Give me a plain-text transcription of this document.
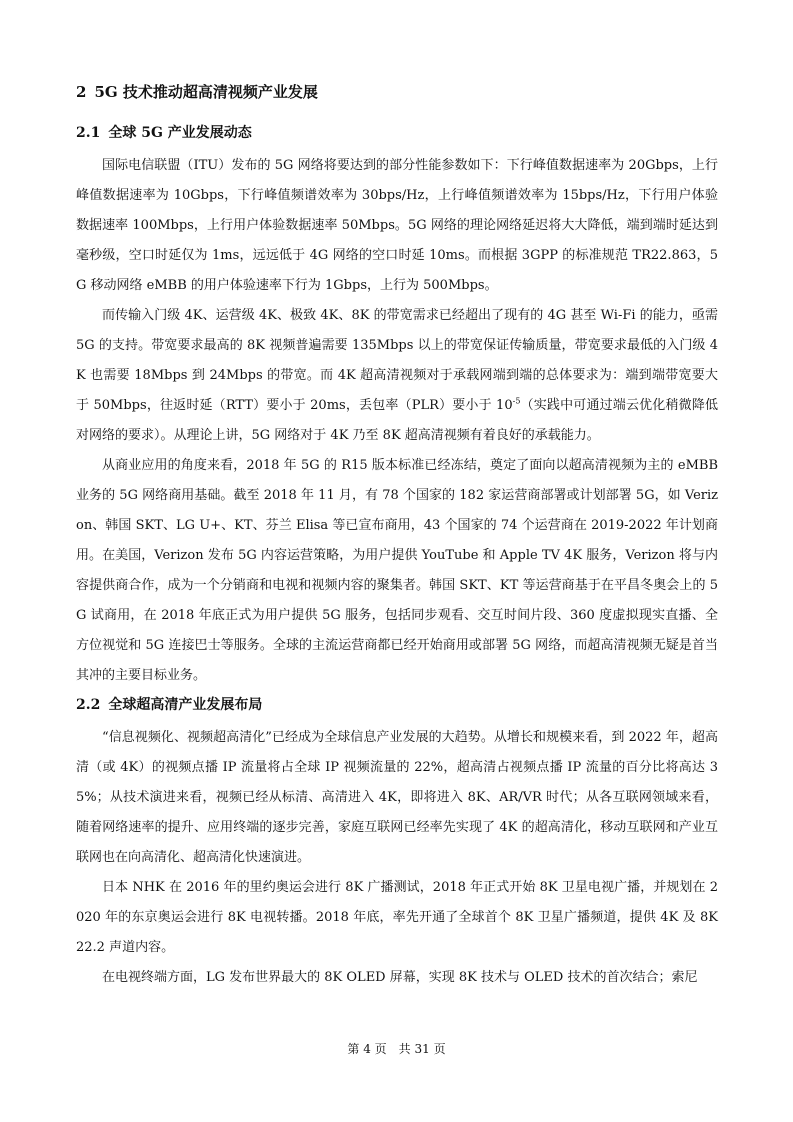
2 5G 技术推动超高清视频产业发展
2.1 全球 5G 产业发展动态

国际电信联盟（ITU）发布的 5G 网络将要达到的部分性能参数如下：下行峰值数据速率为 20Gbps，上行峰值数据速率为 10Gbps，下行峰值频谱效率为 30bps/Hz，上行峰值频谱效率为 15bps/Hz，下行用户体验数据速率 100Mbps，上行用户体验数据速率 50Mbps。5G 网络的理论网络延迟将大大降低，端到端时延达到毫秒级，空口时延仅为 1ms，远远低于 4G 网络的空口时延 10ms。而根据 3GPP 的标准规范 TR22.863，5G 移动网络 eMBB 的用户体验速率下行为 1Gbps，上行为 500Mbps。

而传输入门级 4K、运营级 4K、极致 4K、8K 的带宽需求已经超出了现有的 4G 甚至 Wi-Fi 的能力，亟需 5G 的支持。带宽要求最高的 8K 视频普遍需要 135Mbps 以上的带宽保证传输质量，带宽要求最低的入门级 4K 也需要 18Mbps 到 24Mbps 的带宽。而 4K 超高清视频对于承载网端到端的总体要求为：端到端带宽要大于 50Mbps，往返时延（RTT）要小于 20ms，丢包率（PLR）要小于 $10^{-5}$（实践中可通过端云优化稍微降低对网络的要求）。从理论上讲，5G 网络对于 4K 乃至 8K 超高清视频有着良好的承载能力。

从商业应用的角度来看，2018 年 5G 的 R15 版本标准已经冻结，奠定了面向以超高清视频为主的 eMBB 业务的 5G 网络商用基础。截至 2018 年 11 月，有 78 个国家的 182 家运营商部署或计划部署 5G，如 Verizon、韩国 SKT、LG U+、KT、芬兰 Elisa 等已宣布商用，43 个国家的 74 个运营商在 2019-2022 年计划商用。在美国，Verizon 发布 5G 内容运营策略，为用户提供 YouTube 和 Apple TV 4K 服务，Verizon 将与内容提供商合作，成为一个分销商和电视和视频内容的聚集者。韩国 SKT、KT 等运营商基于在平昌冬奥会上的 5G 试商用，在 2018 年底正式为用户提供 5G 服务，包括同步观看、交互时间片段、360 度虚拟现实直播、全方位视觉和 5G 连接巴士等服务。全球的主流运营商都已经开始商用或部署 5G 网络，而超高清视频无疑是首当其冲的主要目标业务。

2.2 全球超高清产业发展布局

“信息视频化、视频超高清化”已经成为全球信息产业发展的大趋势。从增长和规模来看，到 2022 年，超高清（或 4K）的视频点播 IP 流量将占全球 IP 视频流量的 22%，超高清占视频点播 IP 流量的百分比将高达 35%；从技术演进来看，视频已经从标清、高清进入 4K，即将进入 8K、AR/VR 时代；从各互联网领域来看，随着网络速率的提升、应用终端的逐步完善，家庭互联网已经率先实现了 4K 的超高清化，移动互联网和产业互联网也在向高清化、超高清化快速演进。

日本 NHK 在 2016 年的里约奥运会进行 8K 广播测试，2018 年正式开始 8K 卫星电视广播，并规划在 2020 年的东京奥运会进行 8K 电视转播。2018 年底，率先开通了全球首个 8K 卫星广播频道，提供 4K 及 8K 22.2 声道内容。

在电视终端方面，LG 发布世界最大的 8K OLED 屏幕，实现 8K 技术与 OLED 技术的首次结合；索尼

第 4 页 共 31 页
